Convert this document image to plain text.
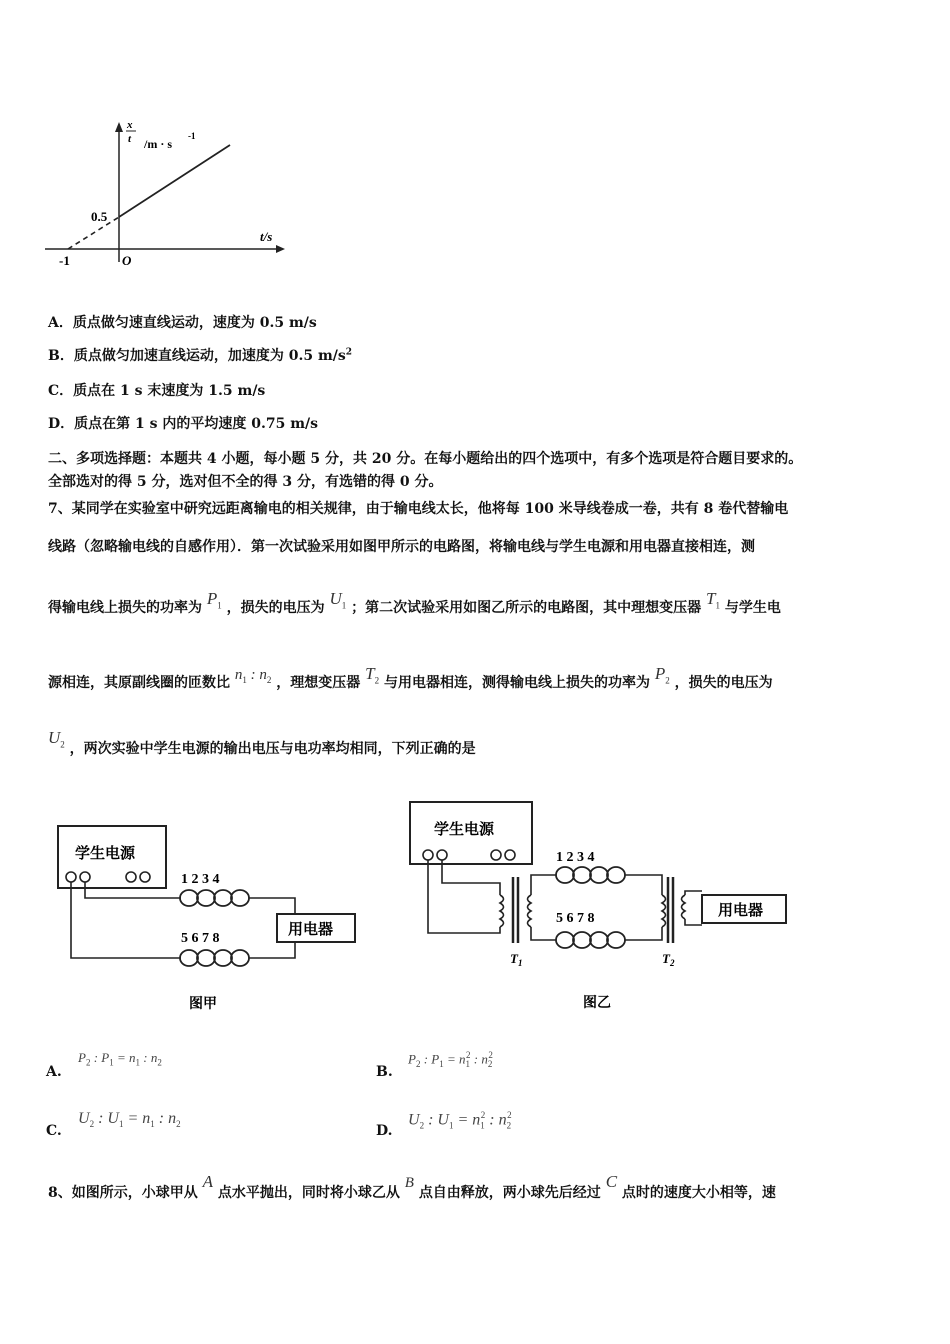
x
t /m · s
-1
t/s
0.5
-1	O
A．质点做匀速直线运动，速度为 0.5 m/s
B．质点做匀加速直线运动，加速度为 0.5 $m/s^2$
C．质点在 1 s 末速度为 1.5 m/s
D．质点在第 1 s 内的平均速度 0.75 m/s
二、多项选择题：本题共 4 小题，每小题 5 分，共 20 分。在每小题给出的四个选项中，有多个选项是符合题目要求的。
全部选对的得 5 分，选对但不全的得 3 分，有选错的得 0 分。
7、某同学在实验室中研究远距离输电的相关规律，由于输电线太长，他将每 100 米导线卷成一卷，共有 8 卷代替输电
线路（忽略输电线的自感作用）．第一次试验采用如图甲所示的电路图，将输电线与学生电源和用电器直接相连，测
得输电线上损失的功率为 $P_1$ ，损失的电压为 $U_1$ ；第二次试验采用如图乙所示的电路图，其中理想变压器 $T_1$ 与学生电
源相连，其原副线圈的匝数比 $n_1$ : $n_2$ ，理想变压器 $T_2$ 与用电器相连，测得输电线上损失的功率为 $P_2$ ，损失的电压为
$U_2$ ，两次实验中学生电源的输出电压与电功率均相同，下列正确的是
学生电源
1 2 3 4
用电器
5 6 7 8
图甲
学生电源
$T_1$
1 2 3 4
5 6 7 8
$T_2$
用电器
图乙
A.
$P_2$ : $P_1 = n_1$ : $n_2$
B.
$P_2$ : $P_1 = n_1^2$ : $n_2^2$
C.
$U_2$ : $U_1 = n_1$ : $n_2$	D.
$U_2$ : $U_1 = n_1^2$ : $n_2^2$
8、如图所示，小球甲从 A 点水平抛出，同时将小球乙从 B 点自由释放，两小球先后经过 C 点时的速度大小相等，速
